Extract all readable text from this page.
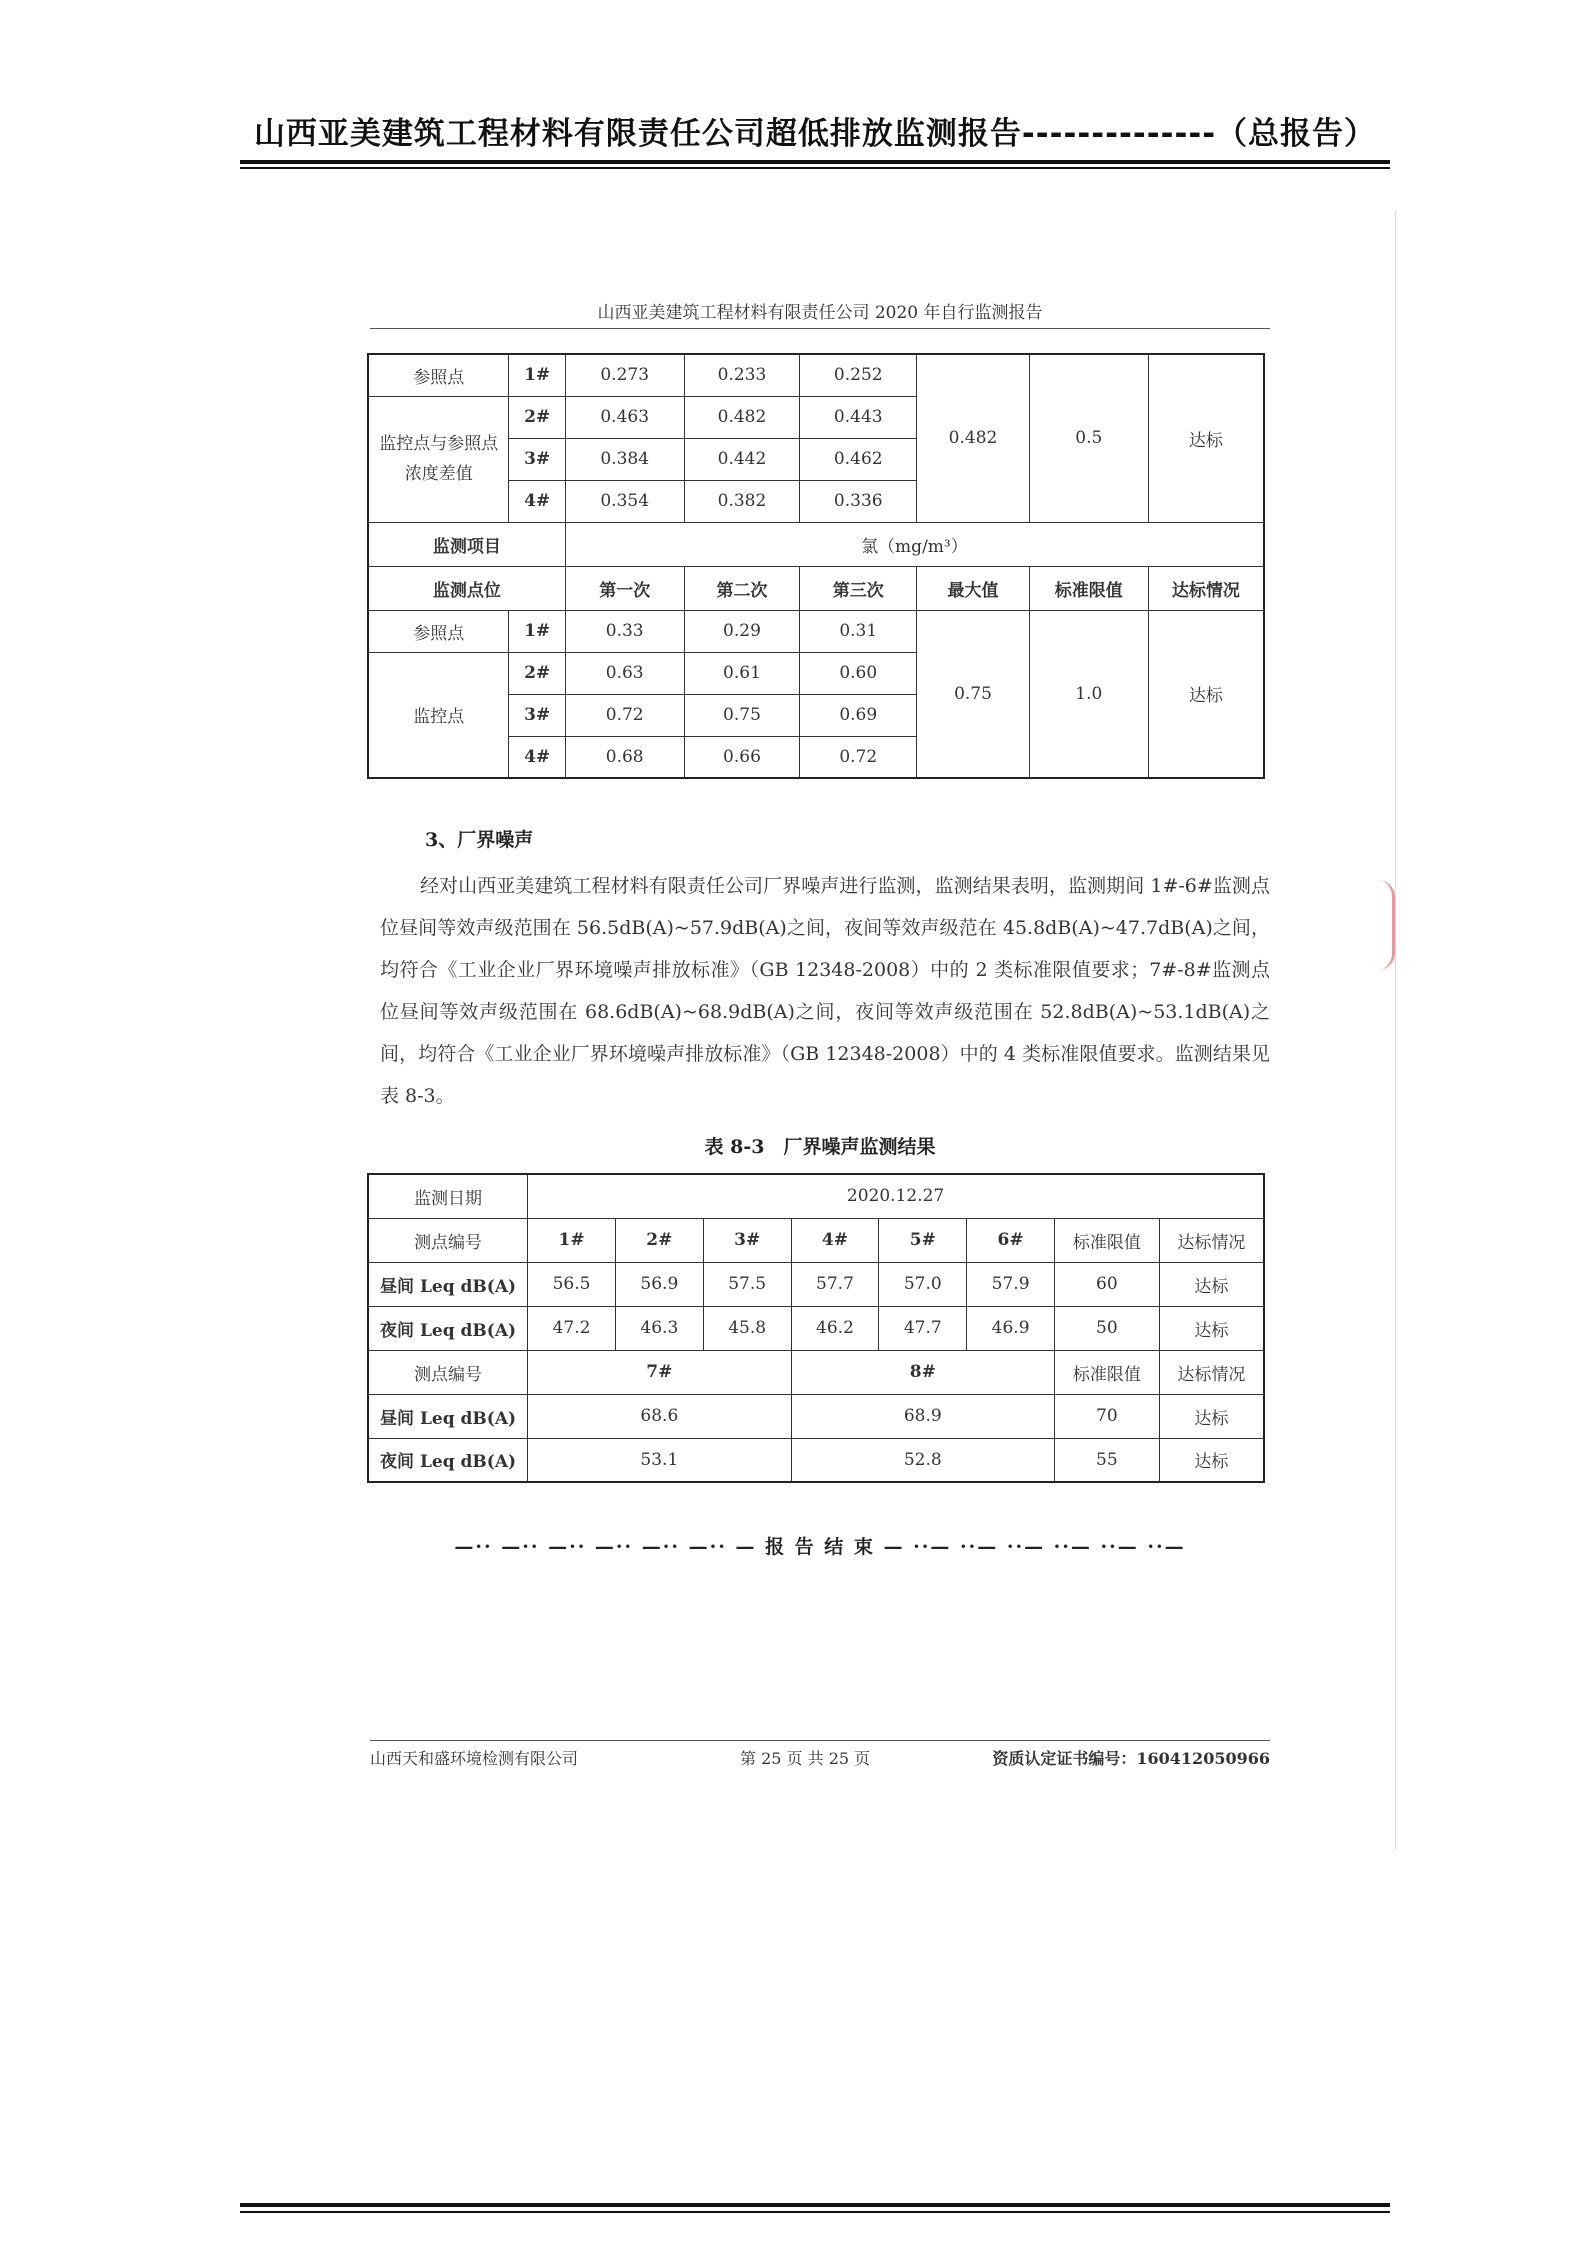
山西亚美建筑工程材料有限责任公司超低排放监测报告--------------（总报告）
山西亚美建筑工程材料有限责任公司 2020 年自行监测报告
参照点	1#	0.273	0.233	0.252	0.482	0.5	达标
监控点与参照点浓度差值	2#	0.463	0.482	0.443			
	3#	0.384	0.442	0.462			
	4#	0.354	0.382	0.336			
监测项目		氯（mg/m³）					
监测点位		第一次	第二次	第三次	最大值	标准限值	达标情况
参照点	1#	0.33	0.29	0.31	0.75	1.0	达标
监控点	2#	0.63	0.61	0.60			
	3#	0.72	0.75	0.69			
	4#	0.68	0.66	0.72			
3、厂界噪声

经对山西亚美建筑工程材料有限责任公司厂界噪声进行监测，监测结果表明，监测期间 1#-6#监测点位昼间等效声级范围在 56.5dB(A)~57.9dB(A)之间，夜间等效声级范在 45.8dB(A)~47.7dB(A)之间，均符合《工业企业厂界环境噪声排放标准》（GB 12348-2008）中的 2 类标准限值要求；7#-8#监测点位昼间等效声级范围在 68.6dB(A)~68.9dB(A)之间，夜间等效声级范围在 52.8dB(A)~53.1dB(A)之间，均符合《工业企业厂界环境噪声排放标准》（GB 12348-2008）中的 4 类标准限值要求。监测结果见表 8-3。

表 8-3　厂界噪声监测结果
监测日期	2020.12.27							
测点编号	1#	2#	3#	4#	5#	6#	标准限值	达标情况
昼间 Leq dB(A)	56.5	56.9	57.5	57.7	57.0	57.9	60	达标
夜间 Leq dB(A)	47.2	46.3	45.8	46.2	47.7	46.9	50	达标
测点编号	7#			8#			标准限值	达标情况
昼间 Leq dB(A)	68.6			68.9			70	达标
夜间 Leq dB(A)	53.1			52.8			55	达标
—·· —·· —·· —·· —·· —·· — 报 告 结 束 — ··— ··— ··— ··— ··— ··—
山西天和盛环境检测有限公司	第 25 页 共 25 页	资质认定证书编号：160412050966
